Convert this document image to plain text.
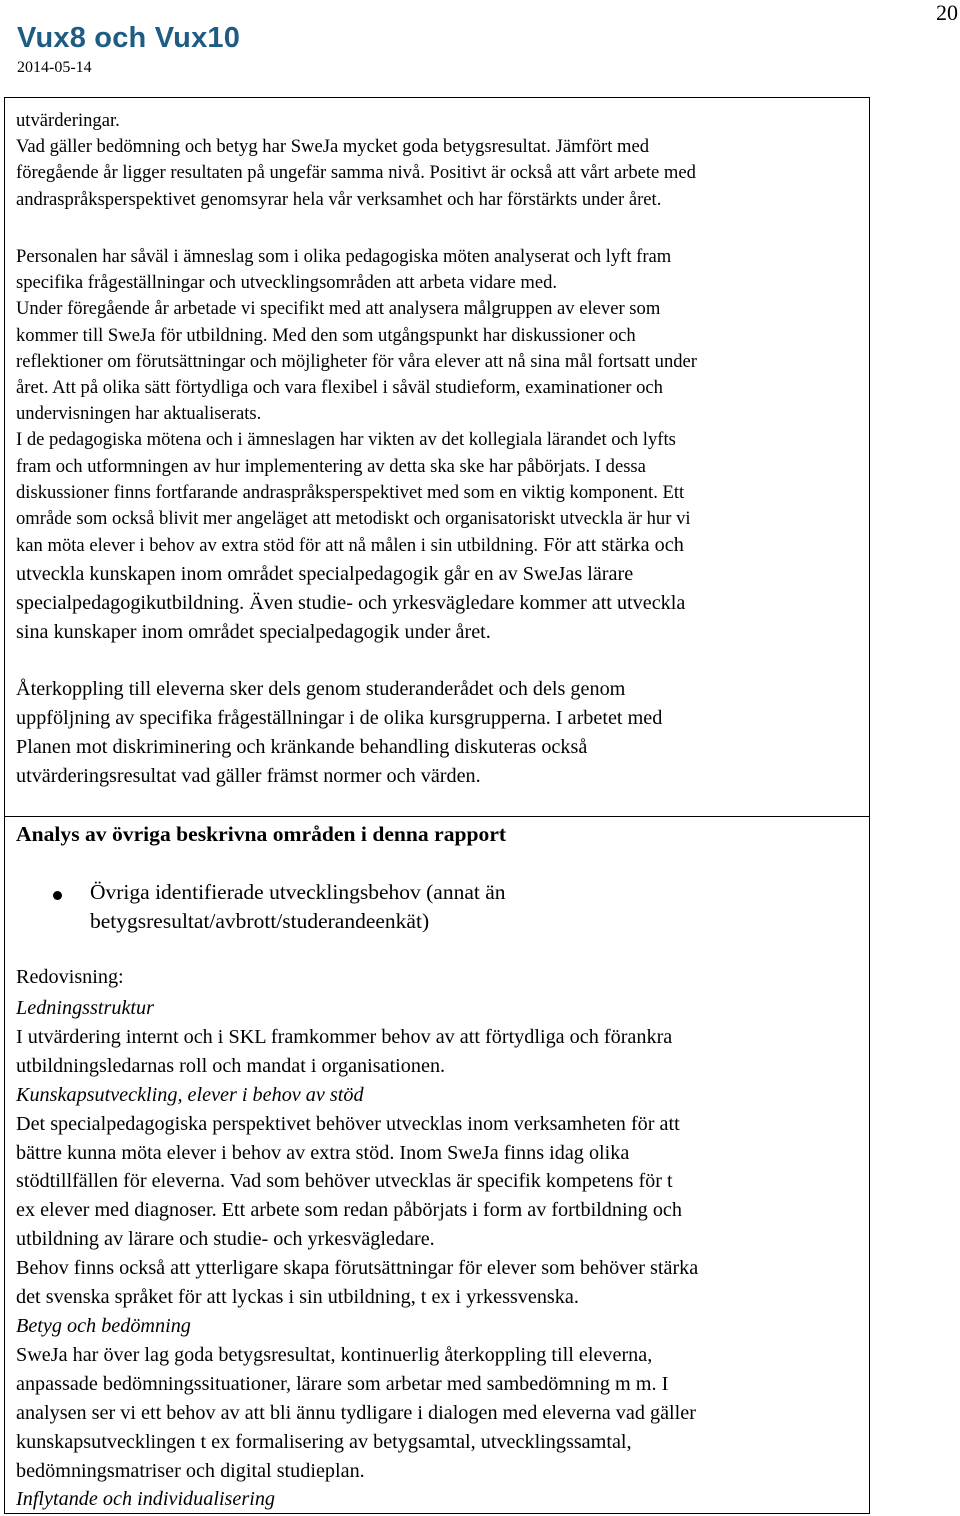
Vux8 och Vux10
2014-05-14
20
utvärderingar.
Vad gäller bedömning och betyg har SweJa mycket goda betygsresultat. Jämfört med
föregående år ligger resultaten på ungefär samma nivå. Positivt är också att vårt arbete med
andraspråksperspektivet genomsyrar hela vår verksamhet och har förstärkts under året.
Personalen har såväl i ämneslag som i olika pedagogiska möten analyserat och lyft fram
specifika frågeställningar och utvecklingsområden att arbeta vidare med.
Under föregående år arbetade vi specifikt med att analysera målgruppen av elever som
kommer till SweJa för utbildning. Med den som utgångspunkt har diskussioner och
reflektioner om förutsättningar och möjligheter för våra elever att nå sina mål fortsatt under
året. Att på olika sätt förtydliga och vara flexibel i såväl studieform, examinationer och
undervisningen har aktualiserats.
I de pedagogiska mötena och i ämneslagen har vikten av det kollegiala lärandet och lyfts
fram och utformningen av hur implementering av detta ska ske har påbörjats. I dessa
diskussioner finns fortfarande andraspråksperspektivet med som en viktig komponent. Ett
område som också blivit mer angeläget att metodiskt och organisatoriskt utveckla är hur vi
kan möta elever i behov av extra stöd för att nå målen i sin utbildning. För att stärka och
utveckla kunskapen inom området specialpedagogik går en av SweJas lärare
specialpedagogikutbildning. Även studie- och yrkesvägledare kommer att utveckla
sina kunskaper inom området specialpedagogik under året.
Återkoppling till eleverna sker dels genom studeranderådet och dels genom
uppföljning av specifika frågeställningar i de olika kursgrupperna. I arbetet med
Planen mot diskriminering och kränkande behandling diskuteras också
utvärderingsresultat vad gäller främst normer och värden.
Analys av övriga beskrivna områden i denna rapport
Övriga identifierade utvecklingsbehov (annat än
betygsresultat/avbrott/studerandeenkät)
Redovisning:
Ledningsstruktur
I utvärdering internt och i SKL framkommer behov av att förtydliga och förankra
utbildningsledarnas roll och mandat i organisationen.
Kunskapsutveckling, elever i behov av stöd
Det specialpedagogiska perspektivet behöver utvecklas inom verksamheten för att
bättre kunna möta elever i behov av extra stöd. Inom SweJa finns idag olika
stödtillfällen för eleverna. Vad som behöver utvecklas är specifik kompetens för t
ex elever med diagnoser. Ett arbete som redan påbörjats i form av fortbildning och
utbildning av lärare och studie- och yrkesvägledare.
Behov finns också att ytterligare skapa förutsättningar för elever som behöver stärka
det svenska språket för att lyckas i sin utbildning, t ex i yrkessvenska.
Betyg och bedömning
SweJa har över lag goda betygsresultat, kontinuerlig återkoppling till eleverna,
anpassade bedömningssituationer, lärare som arbetar med sambedömning m m. I
analysen ser vi ett behov av att bli ännu tydligare i dialogen med eleverna vad gäller
kunskapsutvecklingen t ex formalisering av betygsamtal, utvecklingssamtal,
bedömningsmatriser och digital studieplan.
Inflytande och individualisering
